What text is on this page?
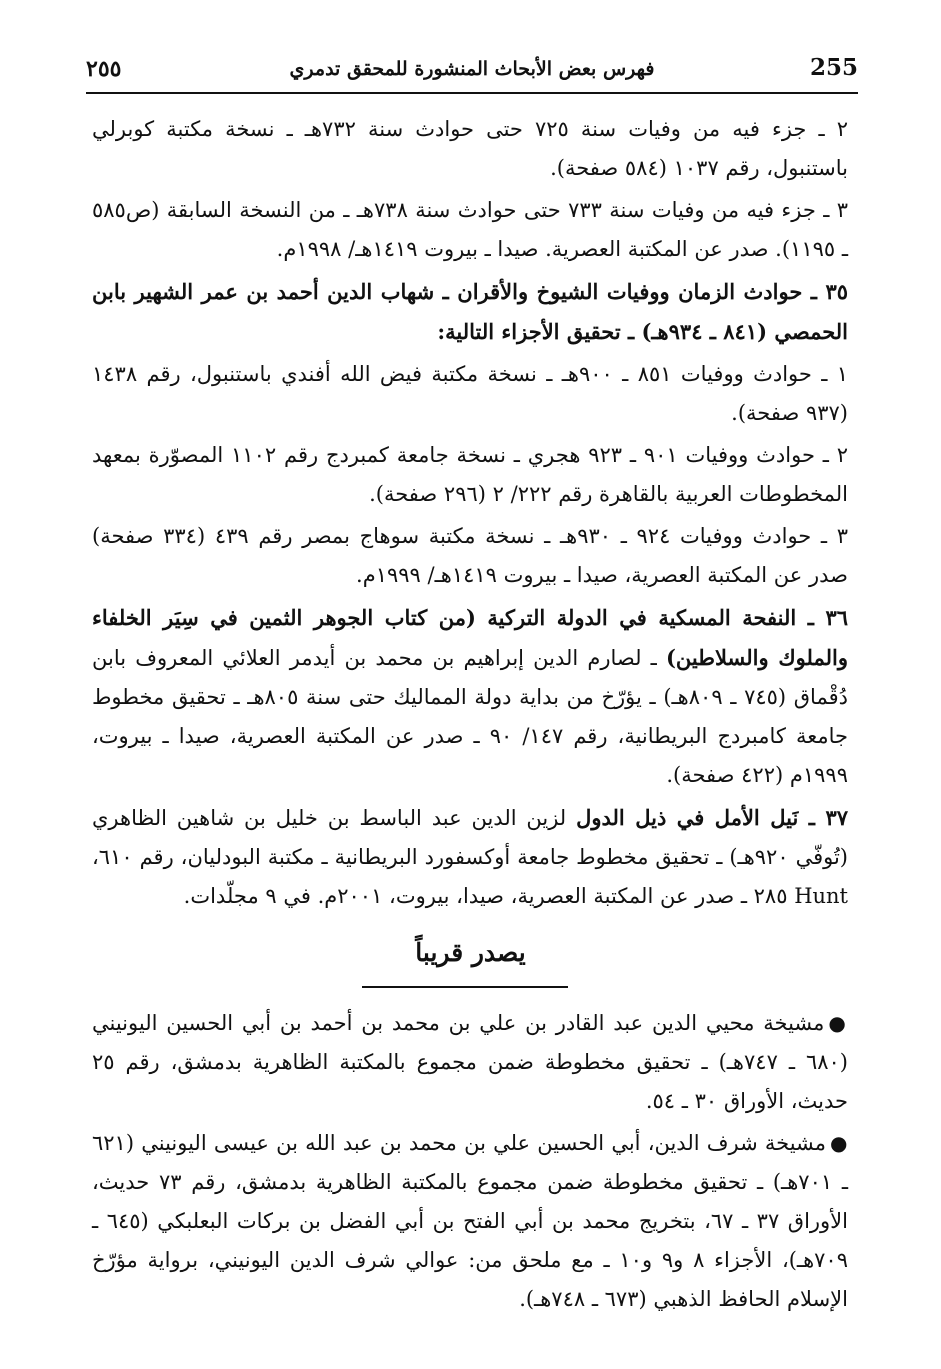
٢٥٥	فهرس بعض الأبحاث المنشورة للمحقق تدمري	255

٢ ـ جزء فيه من وفيات سنة ٧٢٥ حتى حوادث سنة ٧٣٢هـ ـ نسخة مكتبة كوبرلي باستنبول، رقم ١٠٣٧ (٥٨٤ صفحة).

٣ ـ جزء فيه من وفيات سنة ٧٣٣ حتى حوادث سنة ٧٣٨هـ ـ من النسخة السابقة (ص٥٨٥ ـ ١١٩٥). صدر عن المكتبة العصرية. صيدا ـ بيروت ١٤١٩هـ/ ١٩٩٨م.

٣٥ ـ حوادث الزمان ووفيات الشيوخ والأقران ـ شهاب الدين أحمد بن عمر الشهير بابن الحمصي (٨٤١ ـ ٩٣٤هـ) ـ تحقيق الأجزاء التالية:

١ ـ حوادث ووفيات ٨٥١ ـ ٩٠٠هـ ـ نسخة مكتبة فيض الله أفندي باستنبول، رقم ١٤٣٨ (٩٣٧ صفحة).

٢ ـ حوادث ووفيات ٩٠١ ـ ٩٢٣ هجري ـ نسخة جامعة كمبردج رقم ١١٠٢ المصوّرة بمعهد المخطوطات العربية بالقاهرة رقم ٢٢٢/ ٢ (٢٩٦ صفحة).

٣ ـ حوادث ووفيات ٩٢٤ ـ ٩٣٠هـ ـ نسخة مكتبة سوهاج بمصر رقم ٤٣٩ (٣٣٤ صفحة) صدر عن المكتبة العصرية، صيدا ـ بيروت ١٤١٩هـ/ ١٩٩٩م.

٣٦ ـ النفحة المسكية في الدولة التركية (من كتاب الجوهر الثمين في سِيَر الخلفاء والملوك والسلاطين) ـ لصارم الدين إبراهيم بن محمد بن أيدمر العلائي المعروف بابن دُقْماق (٧٤٥ ـ ٨٠٩هـ) ـ يؤرّخ من بداية دولة المماليك حتى سنة ٨٠٥هـ ـ تحقيق مخطوط جامعة كامبردج البريطانية، رقم ١٤٧/ ٩٠ ـ صدر عن المكتبة العصرية، صيدا ـ بيروت، ١٩٩٩م (٤٢٢ صفحة).

٣٧ ـ نَيل الأمل في ذيل الدول لزين الدين عبد الباسط بن خليل بن شاهين الظاهري (تُوفّي ٩٢٠هـ) ـ تحقيق مخطوط جامعة أوكسفورد البريطانية ـ مكتبة البودليان، رقم ٦١٠، Hunt ٢٨٥ ـ صدر عن المكتبة العصرية، صيدا، بيروت، ٢٠٠١م. في ٩ مجلّدات.

يصدر قريباً

●مشيخة محيي الدين عبد القادر بن علي بن محمد بن أحمد بن أبي الحسين اليونيني (٦٨٠ ـ ٧٤٧هـ) ـ تحقيق مخطوطة ضمن مجموع بالمكتبة الظاهرية بدمشق، رقم ٢٥ حديث، الأوراق ٣٠ ـ ٥٤.

●مشيخة شرف الدين، أبي الحسين علي بن محمد بن عبد الله بن عيسى اليونيني (٦٢١ ـ ٧٠١هـ) ـ تحقيق مخطوطة ضمن مجموع بالمكتبة الظاهرية بدمشق، رقم ٧٣ حديث، الأوراق ٣٧ ـ ٦٧، بتخريج محمد بن أبي الفتح بن أبي الفضل بن بركات البعلبكي (٦٤٥ ـ ٧٠٩هـ)، الأجزاء ٨ و٩ و١٠ ـ مع ملحق من: عوالي شرف الدين اليونيني، برواية مؤرّخ الإسلام الحافظ الذهبي (٦٧٣ ـ ٧٤٨هـ).
